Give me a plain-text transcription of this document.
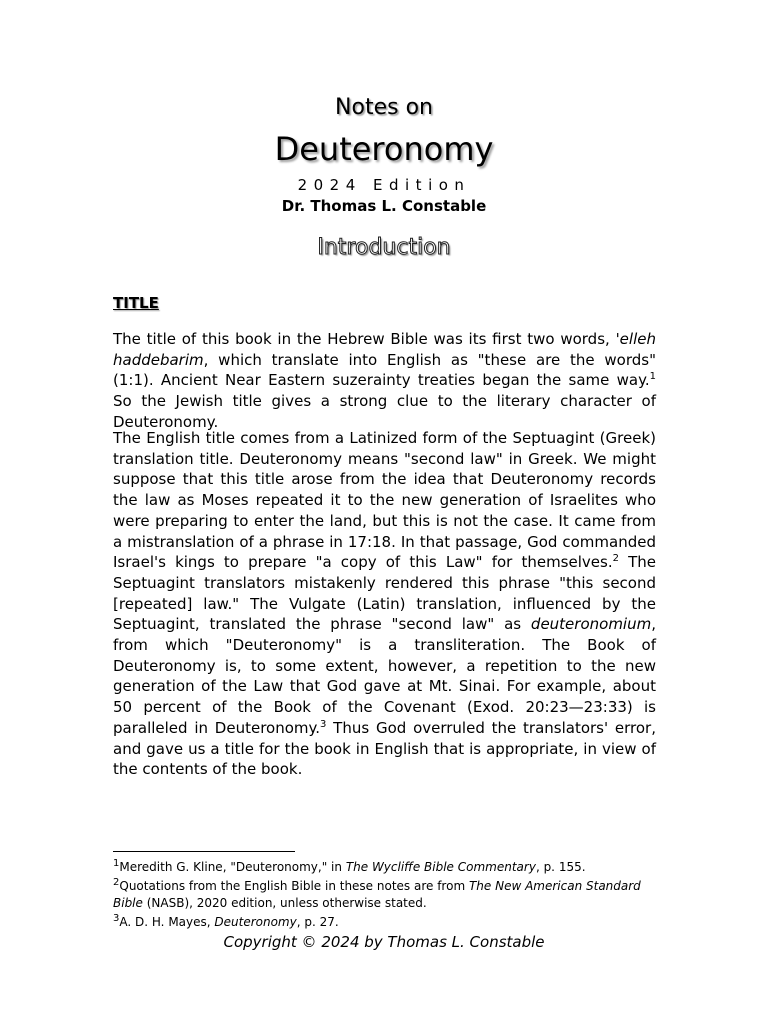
Notes on
Deuteronomy
2024 Edition
Dr. Thomas L. Constable
Introduction
TITLE

The title of this book in the Hebrew Bible was its first two words, 'elleh haddebarim, which translate into English as "these are the words" (1:1). Ancient Near Eastern suzerainty treaties began the same way.$^1$ So the Jewish title gives a strong clue to the literary character of Deuteronomy.

The English title comes from a Latinized form of the Septuagint (Greek) translation title. Deuteronomy means "second law" in Greek. We might suppose that this title arose from the idea that Deuteronomy records the law as Moses repeated it to the new generation of Israelites who were preparing to enter the land, but this is not the case. It came from a mistranslation of a phrase in 17:18. In that passage, God commanded Israel's kings to prepare "a copy of this Law" for themselves.$^2$ The Septuagint translators mistakenly rendered this phrase "this second [repeated] law." The Vulgate (Latin) translation, influenced by the Septuagint, translated the phrase "second law" as deuteronomium, from which "Deuteronomy" is a transliteration. The Book of Deuteronomy is, to some extent, however, a repetition to the new generation of the Law that God gave at Mt. Sinai. For example, about 50 percent of the Book of the Covenant (Exod. 20:23—23:33) is paralleled in Deuteronomy.$^3$ Thus God overruled the translators' error, and gave us a title for the book in English that is appropriate, in view of the contents of the book.

$^1$Meredith G. Kline, "Deuteronomy," in The Wycliffe Bible Commentary, p. 155.

$^2$Quotations from the English Bible in these notes are from The New American Standard Bible (NASB), 2020 edition, unless otherwise stated.

$^3$A. D. H. Mayes, Deuteronomy, p. 27.

Copyright © 2024 by Thomas L. Constable
